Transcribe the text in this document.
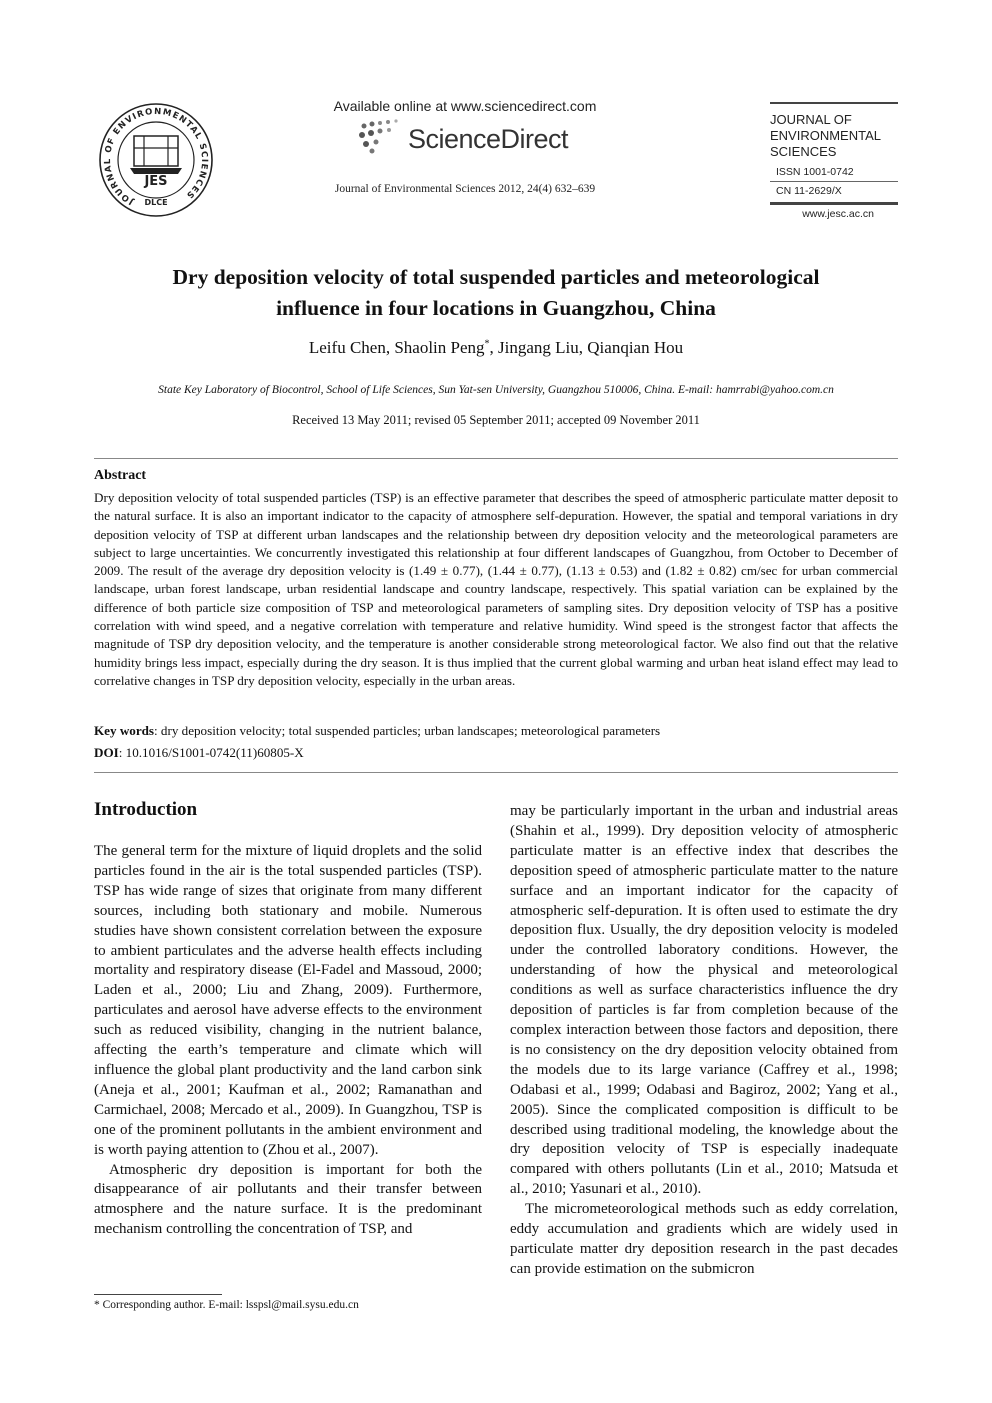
JOURNAL OF ENVIRONMENTAL SCIENCES
JES
DLCE
Available online at www.sciencedirect.com
ScienceDirect
Journal of Environmental Sciences 2012, 24(4) 632–639
JOURNAL OF
ENVIRONMENTAL
SCIENCES
ISSN 1001-0742
CN 11-2629/X
www.jesc.ac.cn
Dry deposition velocity of total suspended particles and meteorological
influence in four locations in Guangzhou, China
Leifu Chen, Shaolin Peng*, Jingang Liu, Qianqian Hou
State Key Laboratory of Biocontrol, School of Life Sciences, Sun Yat-sen University, Guangzhou 510006, China. E-mail: hamrrabi@yahoo.com.cn
Received 13 May 2011; revised 05 September 2011; accepted 09 November 2011
Abstract
Dry deposition velocity of total suspended particles (TSP) is an effective parameter that describes the speed of atmospheric particulate matter deposit to the natural surface. It is also an important indicator to the capacity of atmosphere self-depuration. However, the spatial and temporal variations in dry deposition velocity of TSP at different urban landscapes and the relationship between dry deposition velocity and the meteorological parameters are subject to large uncertainties. We concurrently investigated this relationship at four different landscapes of Guangzhou, from October to December of 2009. The result of the average dry deposition velocity is (1.49 ± 0.77), (1.44 ± 0.77), (1.13 ± 0.53) and (1.82 ± 0.82) cm/sec for urban commercial landscape, urban forest landscape, urban residential landscape and country landscape, respectively. This spatial variation can be explained by the difference of both particle size composition of TSP and meteorological parameters of sampling sites. Dry deposition velocity of TSP has a positive correlation with wind speed, and a negative correlation with temperature and relative humidity. Wind speed is the strongest factor that affects the magnitude of TSP dry deposition velocity, and the temperature is another considerable strong meteorological factor. We also find out that the relative humidity brings less impact, especially during the dry season. It is thus implied that the current global warming and urban heat island effect may lead to correlative changes in TSP dry deposition velocity, especially in the urban areas.
Key words: dry deposition velocity; total suspended particles; urban landscapes; meteorological parameters
DOI: 10.1016/S1001-0742(11)60805-X
Introduction

The general term for the mixture of liquid droplets and the solid particles found in the air is the total suspended particles (TSP). TSP has wide range of sizes that originate from many different sources, including both stationary and mobile. Numerous studies have shown consistent correlation between the exposure to ambient particulates and the adverse health effects including mortality and respiratory disease (El-Fadel and Massoud, 2000; Laden et al., 2000; Liu and Zhang, 2009). Furthermore, particulates and aerosol have adverse effects to the environment such as reduced visibility, changing in the nutrient balance, affecting the earth’s temperature and climate which will influence the global plant productivity and the land carbon sink (Aneja et al., 2001; Kaufman et al., 2002; Ramanathan and Carmichael, 2008; Mercado et al., 2009). In Guangzhou, TSP is one of the prominent pollutants in the ambient environment and is worth paying attention to (Zhou et al., 2007).

Atmospheric dry deposition is important for both the disappearance of air pollutants and their transfer between atmosphere and the nature surface. It is the predominant mechanism controlling the concentration of TSP, and

may be particularly important in the urban and industrial areas (Shahin et al., 1999). Dry deposition velocity of atmospheric particulate matter is an effective index that describes the deposition speed of atmospheric particulate matter to the nature surface and an important indicator for the capacity of atmospheric self-depuration. It is often used to estimate the dry deposition flux. Usually, the dry deposition velocity is modeled under the controlled laboratory conditions. However, the understanding of how the physical and meteorological conditions as well as surface characteristics influence the dry deposition of particles is far from completion because of the complex interaction between those factors and deposition, there is no consistency on the dry deposition velocity obtained from the models due to its large variance (Caffrey et al., 1998; Odabasi et al., 1999; Odabasi and Bagiroz, 2002; Yang et al., 2005). Since the complicated composition is difficult to be described using traditional modeling, the knowledge about the dry deposition velocity of TSP is especially inadequate compared with others pollutants (Lin et al., 2010; Matsuda et al., 2010; Yasunari et al., 2010).

The micrometeorological methods such as eddy correlation, eddy accumulation and gradients which are widely used in particulate matter dry deposition research in the past decades can provide estimation on the submicron

* Corresponding author. E-mail: lsspsl@mail.sysu.edu.cn
